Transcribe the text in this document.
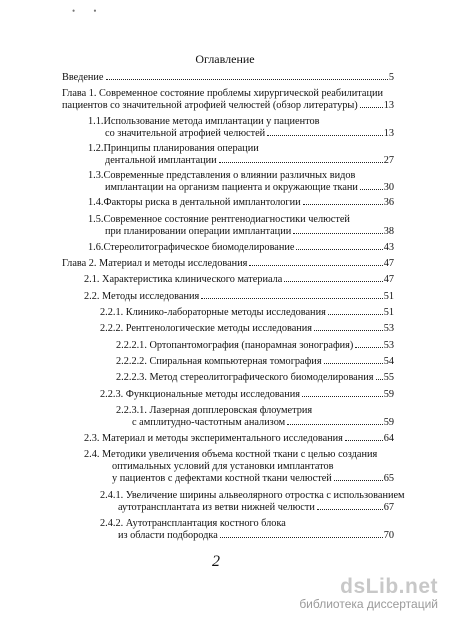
• •
Оглавление
Введение	5
Глава 1. Современное состояние проблемы хирургической реабилитации
пациентов со значительной атрофией челюстей (обзор литературы)	13
1.1.Использование метода имплантации у пациентов
со значительной атрофией челюстей	13
1.2.Принципы планирования операции
дентальной имплантации	27
1.3.Современные представления о влиянии различных видов
имплантации на организм пациента и окружающие ткани	30
1.4.Факторы риска в дентальной имплантологии	36
1.5.Современное состояние рентгенодиагностики челюстей
при планировании операции имплантации	38
1.6.Стереолитографическое биомоделирование	43
Глава 2. Материал и методы исследования	47
2.1. Характеристика клинического материала	47
2.2. Методы исследования	51
2.2.1. Клинико-лабораторные методы исследования	51
2.2.2. Рентгенологические методы исследования	53
2.2.2.1. Ортопантомография (панорамная зонография)	53
2.2.2.2. Спиральная компьютерная томография	54
2.2.2.3. Метод стереолитографического биомоделирования 55
2.2.3. Функциональные методы исследования	59
2.2.3.1. Лазерная допплеровская флоуметрия
с амплитудно-частотным анализом	59
2.3. Материал и методы экспериментального исследования	64
2.4. Методики увеличения объема костной ткани с целью создания
оптимальных условий для установки имплантатов
у пациентов с дефектами костной ткани челюстей	65
2.4.1. Увеличение ширины альвеолярного отростка с использованием
аутотрансплантата из ветви нижней челюсти	67
2.4.2. Аутотрансплантация костного блока
из области подбородка	70
2
dsLib.net
библиотека диссертаций
